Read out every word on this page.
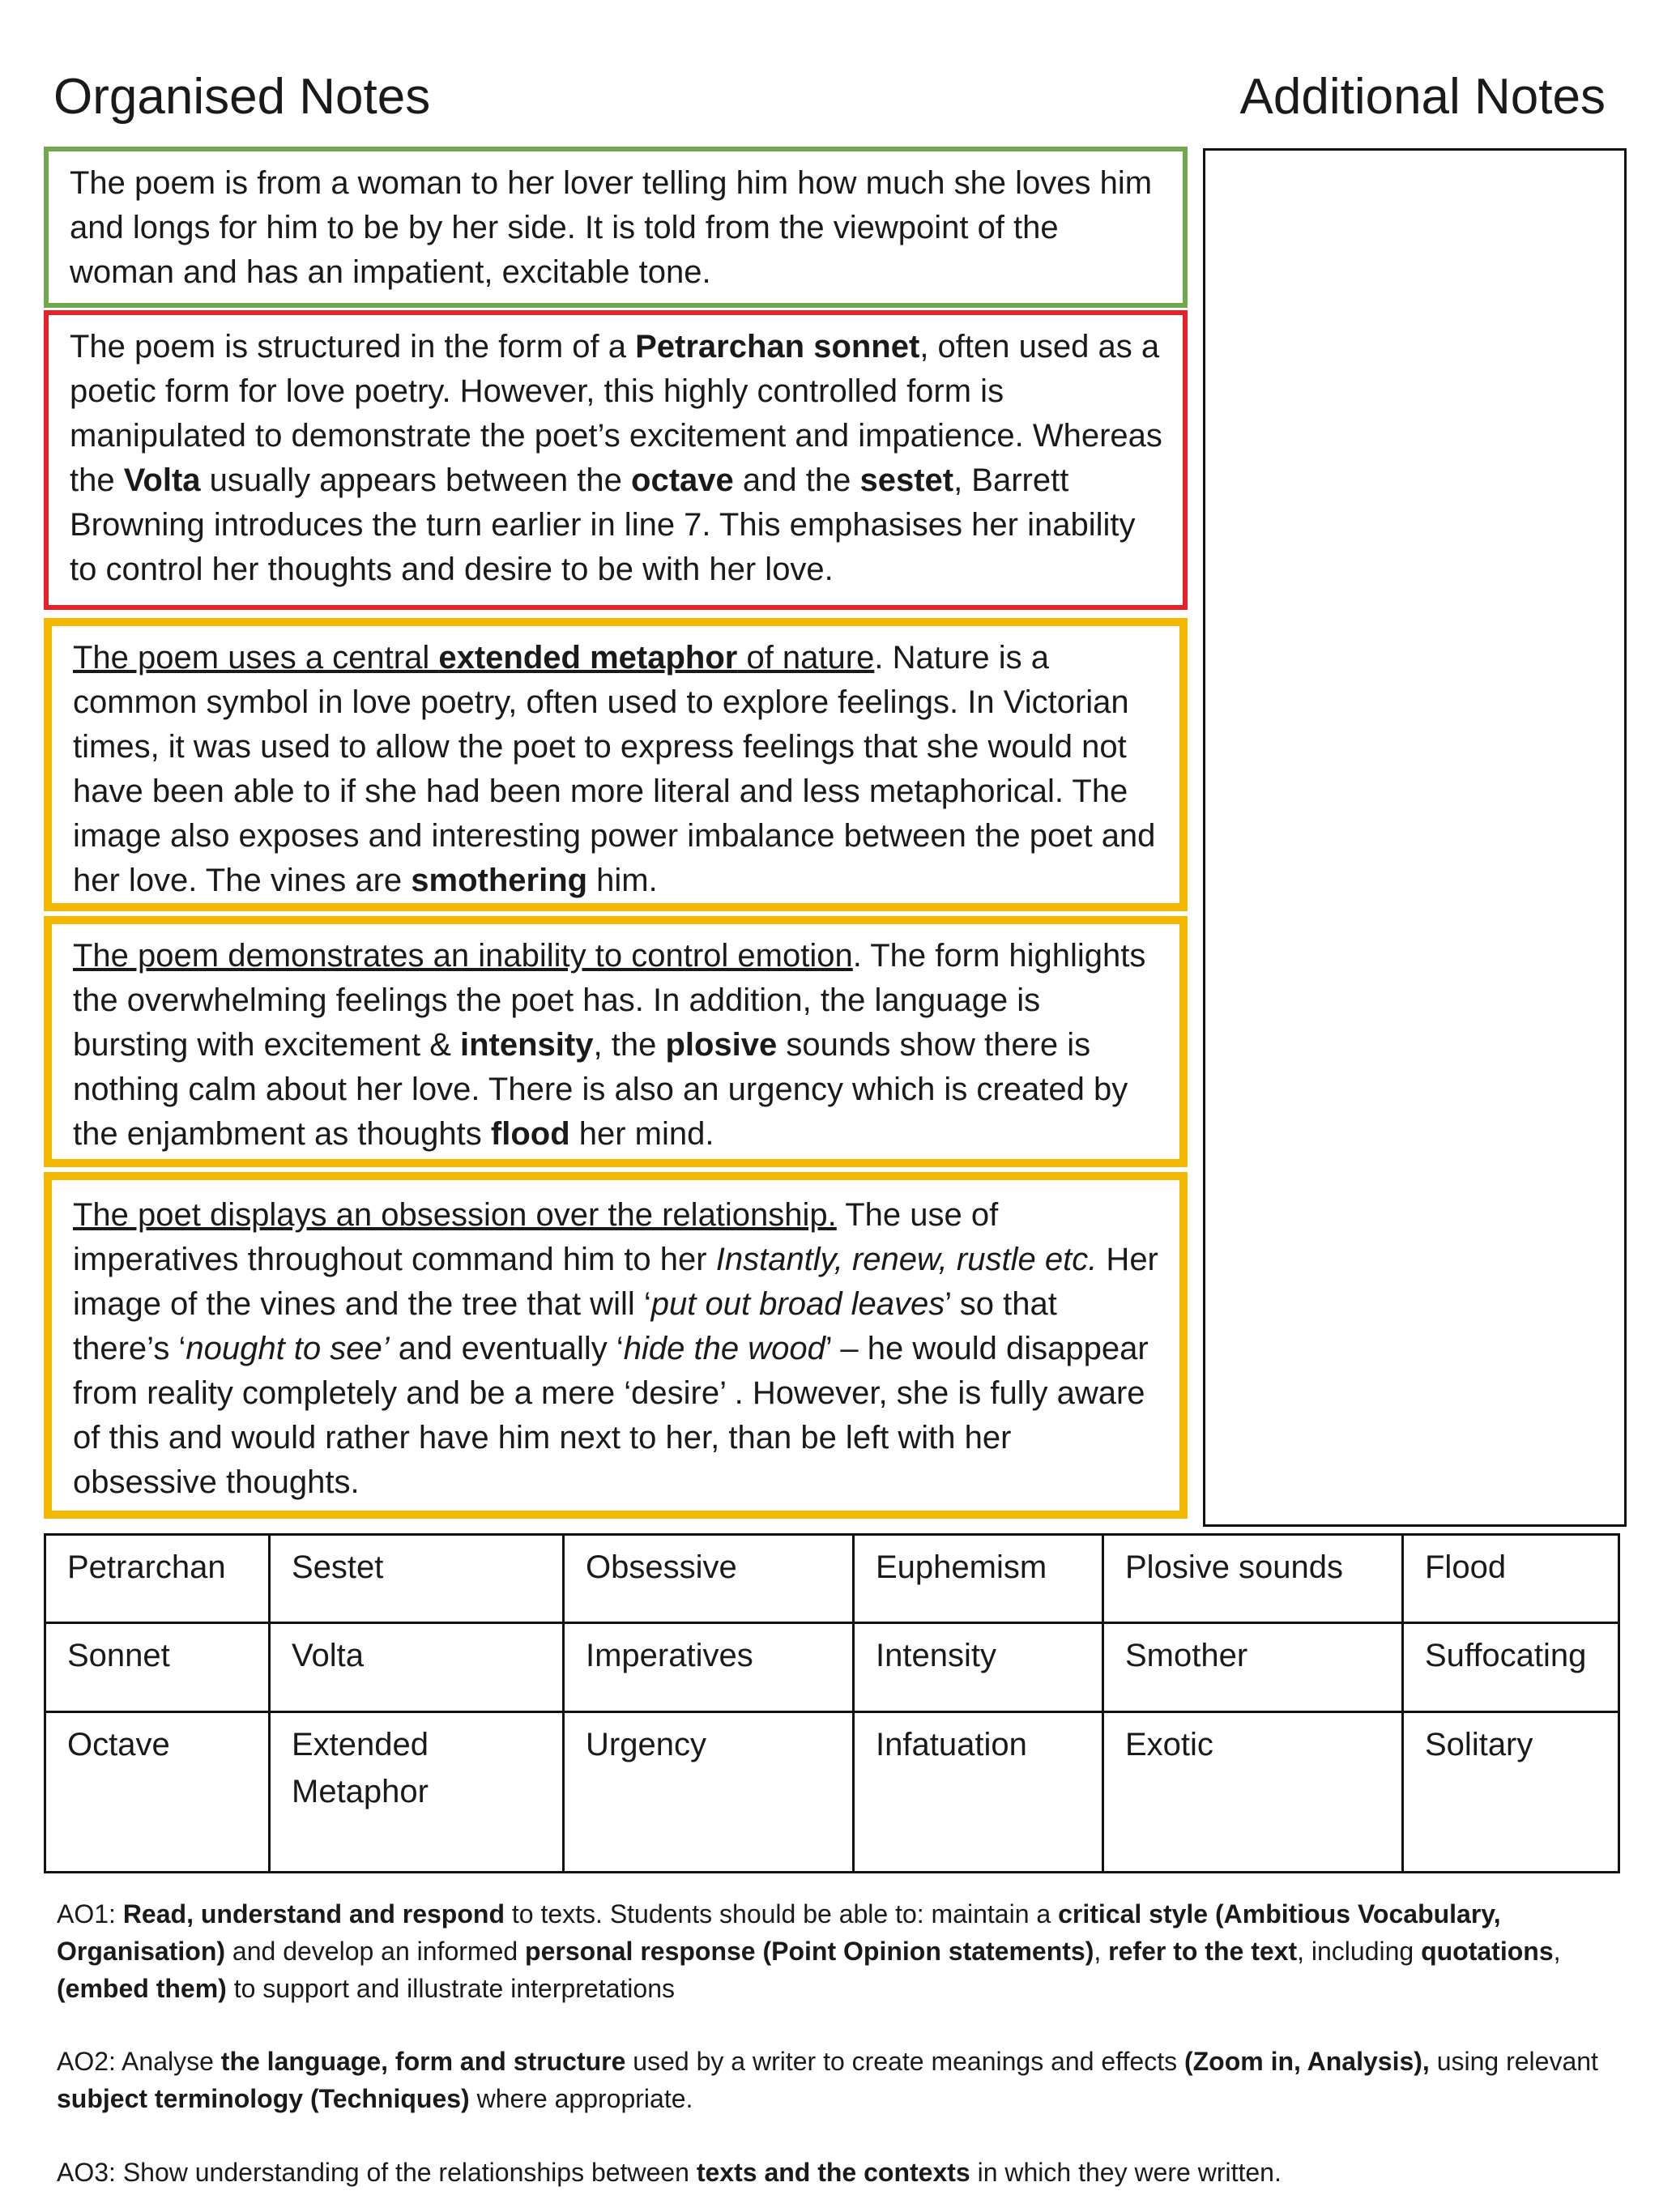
Organised Notes	Additional Notes

The poem is from a woman to her lover telling him how much she loves him and longs for him to be by her side. It is told from the viewpoint of the woman and has an impatient, excitable tone.

The poem is structured in the form of a Petrarchan sonnet, often used as a poetic form for love poetry. However, this highly controlled form is manipulated to demonstrate the poet’s excitement and impatience. Whereas the Volta usually appears between the octave and the sestet, Barrett Browning introduces the turn earlier in line 7. This emphasises her inability to control her thoughts and desire to be with her love.

The poem uses a central extended metaphor of nature. Nature is a common symbol in love poetry, often used to explore feelings. In Victorian times, it was used to allow the poet to express feelings that she would not have been able to if she had been more literal and less metaphorical. The image also exposes and interesting power imbalance between the poet and her love. The vines are smothering him.

The poem demonstrates an inability to control emotion. The form highlights the overwhelming feelings the poet has. In addition, the language is bursting with excitement & intensity, the plosive sounds show there is nothing calm about her love. There is also an urgency which is created by the enjambment as thoughts flood her mind.

The poet displays an obsession over the relationship. The use of imperatives throughout command him to her Instantly, renew, rustle etc. Her image of the vines and the tree that will ‘put out broad leaves’ so that there’s ‘nought to see’ and eventually ‘hide the wood’ – he would disappear from reality completely and be a mere ‘desire’ . However, she is fully aware of this and would rather have him next to her, than be left with her obsessive thoughts.

Petrarchan	Sestet	Obsessive	Euphemism	Plosive sounds	Flood
Sonnet	Volta	Imperatives	Intensity	Smother	Suffocating
Octave	Extended Metaphor	Urgency	Infatuation	Exotic	Solitary
AO1: Read, understand and respond to texts. Students should be able to: maintain a critical style (Ambitious Vocabulary, Organisation) and develop an informed personal response (Point Opinion statements), refer to the text, including quotations, (embed them) to support and illustrate interpretations
AO2: Analyse the language, form and structure used by a writer to create meanings and effects (Zoom in, Analysis), using relevant subject terminology (Techniques) where appropriate.
AO3: Show understanding of the relationships between texts and the contexts in which they were written.
